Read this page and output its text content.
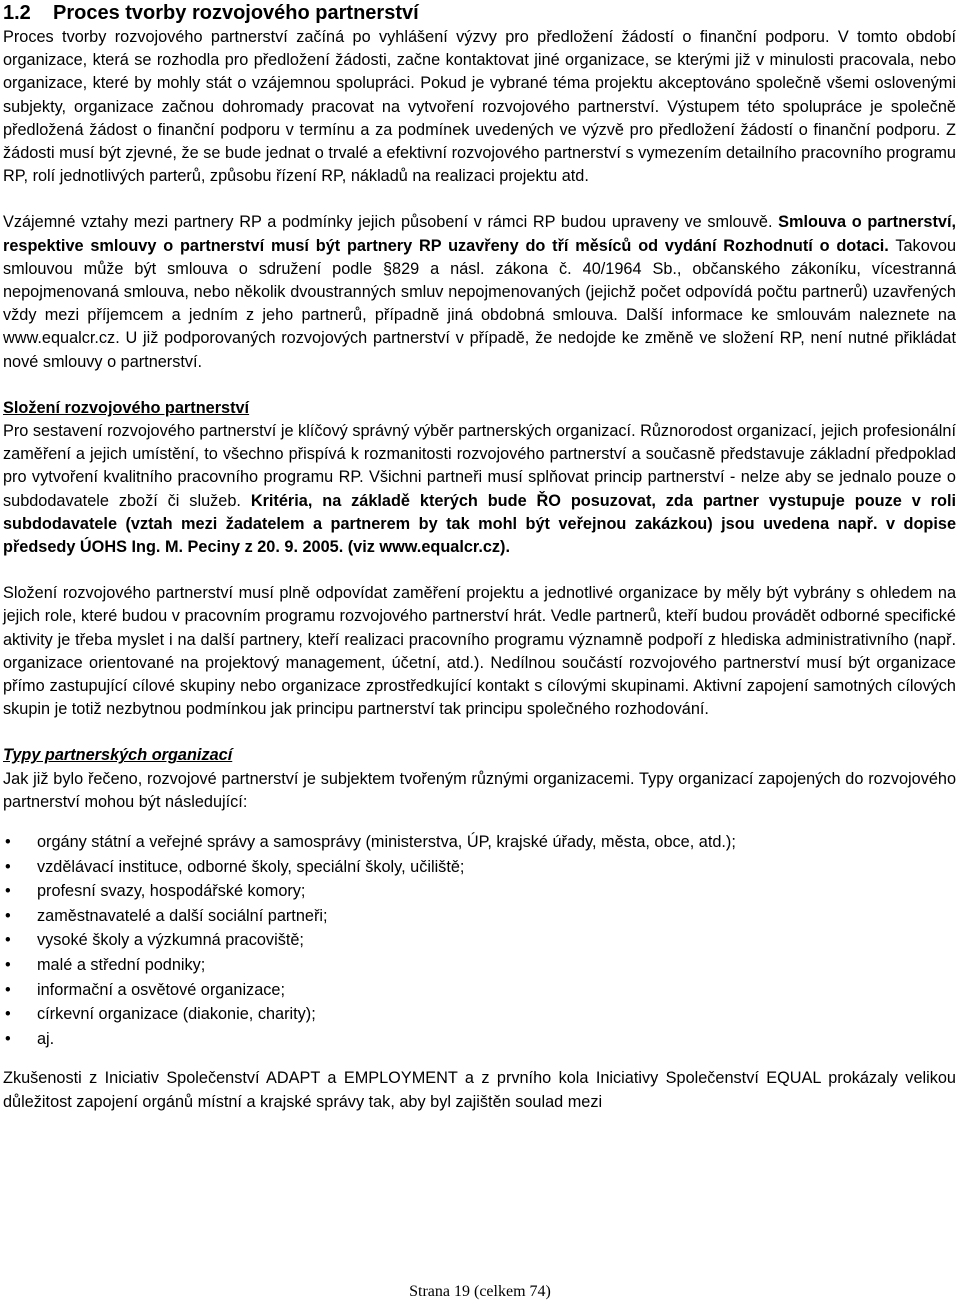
1.2	Proces tvorby rozvojového partnerství

Proces tvorby rozvojového partnerství začíná po vyhlášení výzvy pro předložení žádostí o finanční podporu. V tomto období organizace, která se rozhodla pro předložení žádosti, začne kontaktovat jiné organizace, se kterými již v minulosti pracovala, nebo organizace, které by mohly stát o vzájemnou spolupráci. Pokud je vybrané téma projektu akceptováno společně všemi oslovenými subjekty, organizace začnou dohromady pracovat na vytvoření rozvojového partnerství. Výstupem této spolupráce je společně předložená žádost o finanční podporu v termínu a za podmínek uvedených ve výzvě pro předložení žádostí o finanční podporu. Z žádosti musí být zjevné, že se bude jednat o trvalé a efektivní rozvojového partnerství s vymezením detailního pracovního programu RP, rolí jednotlivých parterů, způsobu řízení RP, nákladů na realizaci projektu atd.

Vzájemné vztahy mezi partnery RP a podmínky jejich působení v rámci RP budou upraveny ve smlouvě. Smlouva o partnerství, respektive smlouvy o partnerství musí být partnery RP uzavřeny do tří měsíců od vydání Rozhodnutí o dotaci. Takovou smlouvou může být smlouva o sdružení podle §829 a násl. zákona č. 40/1964 Sb., občanského zákoníku, vícestranná nepojmenovaná smlouva, nebo několik dvoustranných smluv nepojmenovaných (jejichž počet odpovídá počtu partnerů) uzavřených vždy mezi příjemcem a jedním z jeho partnerů, případně jiná obdobná smlouva. Další informace ke smlouvám naleznete na www.equalcr.cz. U již podporovaných rozvojových partnerství v případě, že nedojde ke změně ve složení RP, není nutné přikládat nové smlouvy o partnerství.

Složení rozvojového partnerství

Pro sestavení rozvojového partnerství je klíčový správný výběr partnerských organizací. Různorodost organizací, jejich profesionální zaměření a jejich umístění, to všechno přispívá k rozmanitosti rozvojového partnerství a současně představuje základní předpoklad pro vytvoření kvalitního pracovního programu RP. Všichni partneři musí splňovat princip partnerství - nelze aby se jednalo pouze o subdodavatele zboží či služeb. Kritéria, na základě kterých bude ŘO posuzovat, zda partner vystupuje pouze v roli subdodavatele (vztah mezi žadatelem a partnerem by tak mohl být veřejnou zakázkou) jsou uvedena např. v dopise předsedy ÚOHS Ing. M. Peciny z 20. 9. 2005. (viz www.equalcr.cz).

Složení rozvojového partnerství musí plně odpovídat zaměření projektu a jednotlivé organizace by měly být vybrány s ohledem na jejich role, které budou v pracovním programu rozvojového partnerství hrát. Vedle partnerů, kteří budou provádět odborné specifické aktivity je třeba myslet i na další partnery, kteří realizaci pracovního programu významně podpoří z hlediska administrativního (např. organizace orientované na projektový management, účetní, atd.). Nedílnou součástí rozvojového partnerství musí být organizace přímo zastupující cílové skupiny nebo organizace zprostředkující kontakt s cílovými skupinami. Aktivní zapojení samotných cílových skupin je totiž nezbytnou podmínkou jak principu partnerství tak principu společného rozhodování.

Typy partnerských organizací

Jak již bylo řečeno, rozvojové partnerství je subjektem tvořeným různými organizacemi. Typy organizací zapojených do rozvojového partnerství mohou být následující:

• orgány státní a veřejné správy a samosprávy (ministerstva, ÚP, krajské úřady, města, obce, atd.);
• vzdělávací instituce, odborné školy, speciální školy, učiliště;
• profesní svazy, hospodářské komory;
• zaměstnavatelé a další sociální partneři;
• vysoké školy a výzkumná pracoviště;
• malé a střední podniky;
• informační a osvětové organizace;
• církevní organizace (diakonie, charity);
• aj.

Zkušenosti z Iniciativ Společenství ADAPT a EMPLOYMENT a z prvního kola Iniciativy Společenství EQUAL prokázaly velikou důležitost zapojení orgánů místní a krajské správy tak, aby byl zajištěn soulad mezi

Strana 19 (celkem 74)
